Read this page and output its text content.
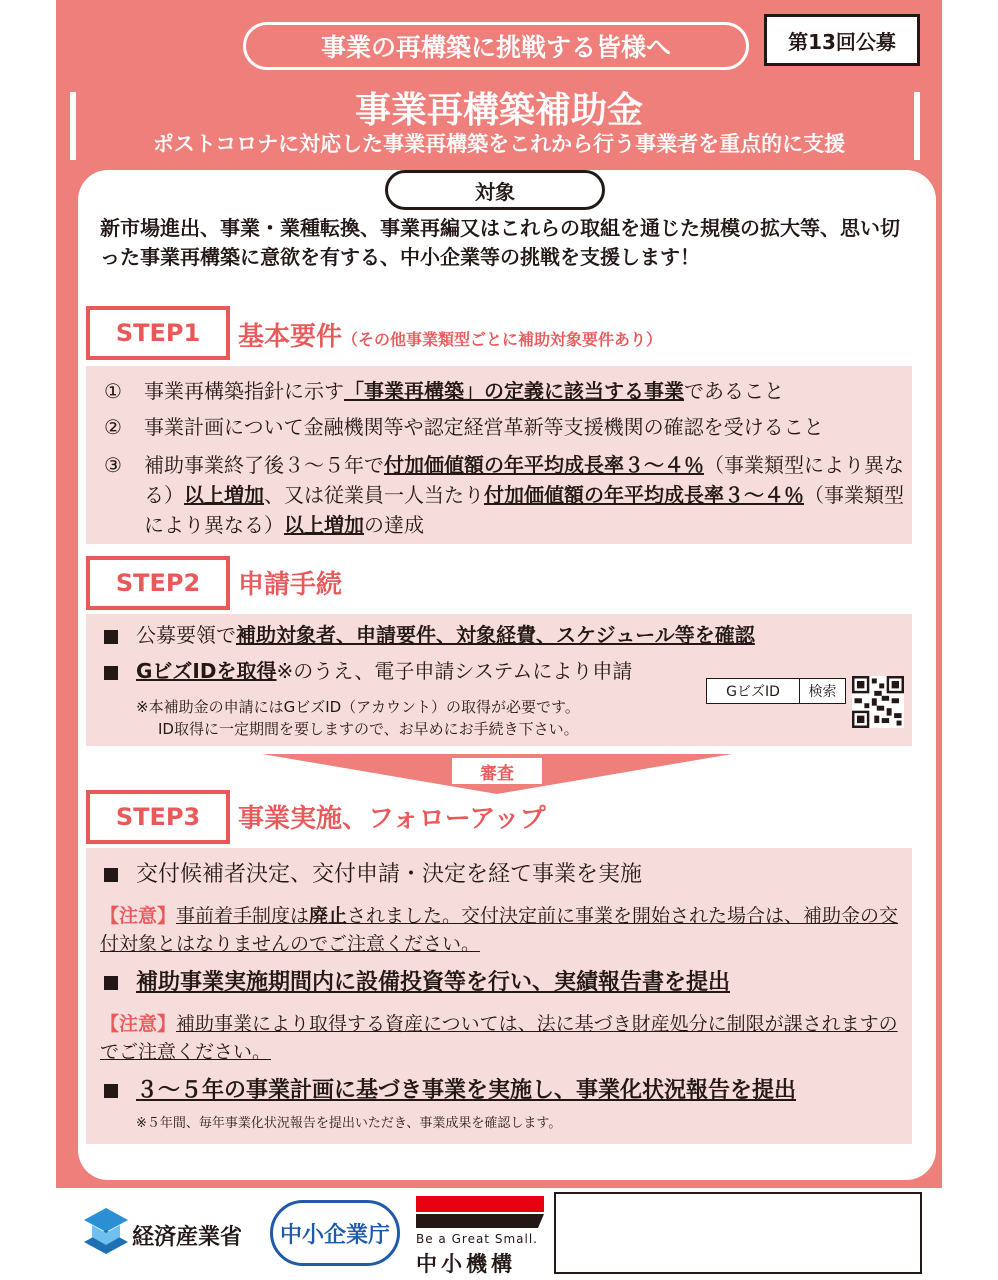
事業の再構築に挑戦する皆様へ	第13回公募
事業再構築補助金
ポストコロナに対応した事業再構築をこれから行う事業者を重点的に支援
対象
新市場進出、事業・業種転換、事業再編又はこれらの取組を通じた規模の拡大等、思い切った事業再構築に意欲を有する、中小企業等の挑戦を支援します！
STEP1	基本要件（その他事業類型ごとに補助対象要件あり）
① 事業再構築指針に示す「事業再構築」の定義に該当する事業であること
② 事業計画について金融機関等や認定経営革新等支援機関の確認を受けること
③ 補助事業終了後３～５年で付加価値額の年平均成長率３～４％（事業類型により異なる）以上増加、又は従業員一人当たり付加価値額の年平均成長率３～４％（事業類型により異なる）以上増加の達成
STEP2	申請手続
公募要領で補助対象者、申請要件、対象経費、スケジュール等を確認
GビズIDを取得※のうえ、電子申請システムにより申請
※本補助金の申請にはGビズID（アカウント）の取得が必要です。
ID取得に一定期間を要しますので、お早めにお手続き下さい。
GビズID	検索
審査
STEP3	事業実施、フォローアップ
交付候補者決定、交付申請・決定を経て事業を実施
【注意】事前着手制度は廃止されました。交付決定前に事業を開始された場合は、補助金の交付対象とはなりませんのでご注意ください。
補助事業実施期間内に設備投資等を行い、実績報告書を提出
【注意】補助事業により取得する資産については、法に基づき財産処分に制限が課されますのでご注意ください。
３～５年の事業計画に基づき事業を実施し、事業化状況報告を提出
※５年間、毎年事業化状況報告を提出いただき、事業成果を確認します。
経済産業省 中小企業庁 Be a Great Small.
中小機構
